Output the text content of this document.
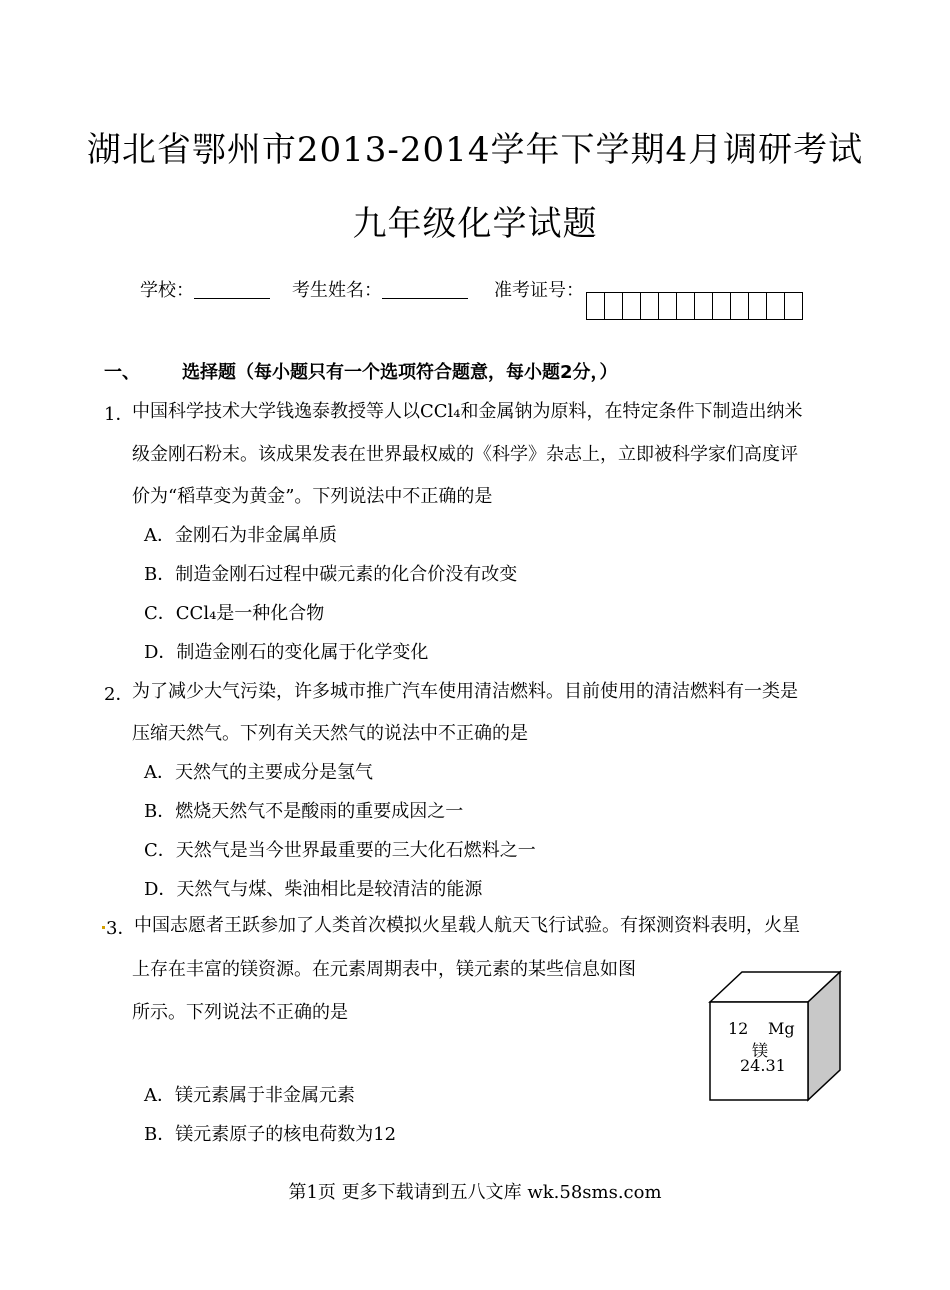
湖北省鄂州市2013-2014学年下学期4月调研考试
九年级化学试题
学校：	考生姓名：	准考证号：
一、 选择题（每小题只有一个选项符合题意，每小题2分，）
1．
中国科学技术大学钱逸泰教授等人以CCl₄和金属钠为原料，在特定条件下制造出纳米
级金刚石粉末。该成果发表在世界最权威的《科学》杂志上，立即被科学家们高度评
价为“稻草变为黄金”。下列说法中不正确的是
A．金刚石为非金属单质
B．制造金刚石过程中碳元素的化合价没有改变
C．CCl₄是一种化合物
D．制造金刚石的变化属于化学变化
2．
为了减少大气污染，许多城市推广汽车使用清洁燃料。目前使用的清洁燃料有一类是
压缩天然气。下列有关天然气的说法中不正确的是
A．天然气的主要成分是氢气
B．燃烧天然气不是酸雨的重要成因之一
C．天然气是当今世界最重要的三大化石燃料之一
D．天然气与煤、柴油相比是较清洁的能源
3．
中国志愿者王跃参加了人类首次模拟火星载人航天飞行试验。有探测资料表明，火星
上存在丰富的镁资源。在元素周期表中，镁元素的某些信息如图
所示。下列说法不正确的是
A．镁元素属于非金属元素
B．镁元素原子的核电荷数为12
12 Mg
镁
24.31
第1页 更多下载请到五八文库 wk.58sms.com
